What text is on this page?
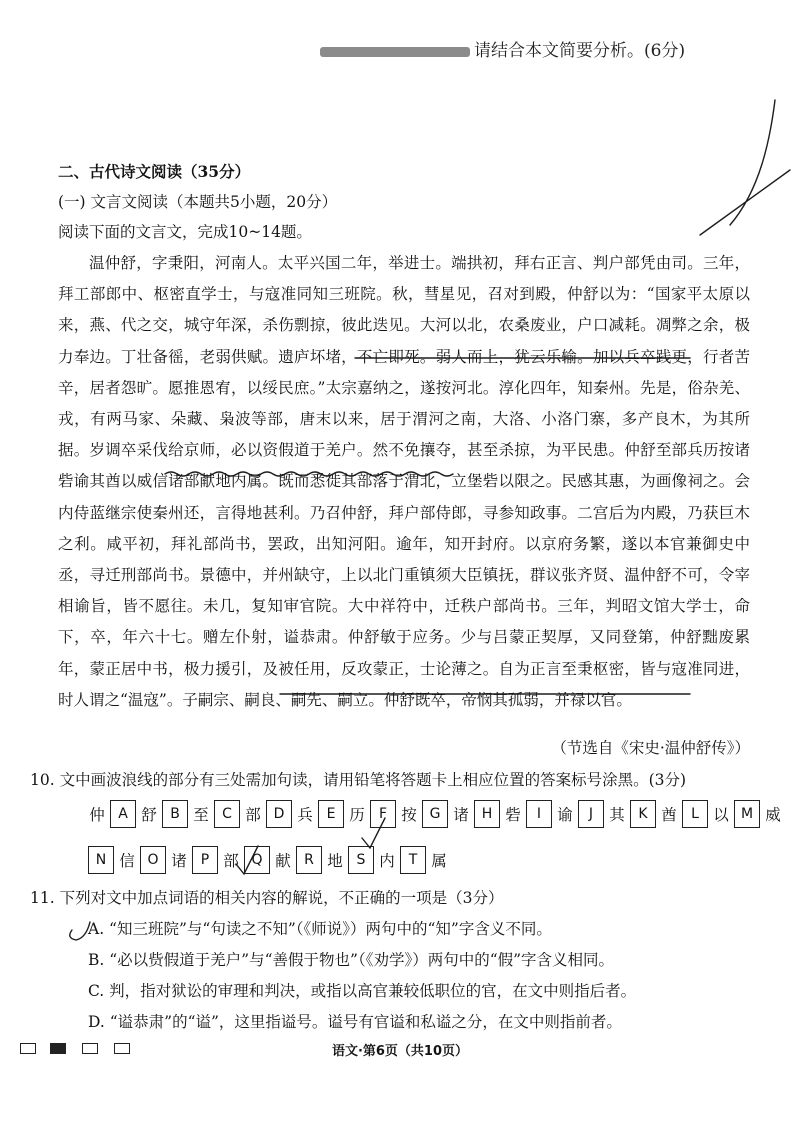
请结合本文简要分析。(6分)
二、古代诗文阅读（35分）
(一) 文言文阅读（本题共5小题，20分）
阅读下面的文言文，完成10~14题。

温仲舒，字秉阳，河南人。太平兴国二年，举进士。端拱初，拜右正言、判户部凭由司。三年，拜工部郎中、枢密直学士，与寇准同知三班院。秋，彗星见，召对到殿，仲舒以为：“国家平太原以来，燕、代之交，城守年深，杀伤剽掠，彼此迭见。大河以北，农桑废业，户口减耗。凋弊之余，极力奉边。丁壮备徭，老弱供赋。遗庐坏堵，不亡即死。弱人而上，犹云乐输。加以兵卒践更，行者苦辛，居者怨旷。愿推恩宥，以绥民庶。”太宗嘉纳之，遂按河北。淳化四年，知秦州。先是，俗杂羌、戎，有两马家、朵藏、枭波等部，唐末以来，居于渭河之南，大洛、小洛门寨，多产良木，为其所据。岁调卒采伐给京师，必以资假道于羌户。然不免攘夺，甚至杀掠，为平民患。仲舒至部兵历按诸砦谕其酋以威信诸部献地内属。既而悉徙其部落于渭北，立堡砦以限之。民感其惠，为画像祠之。会内侍蓝继宗使秦州还，言得地甚利。乃召仲舒，拜户部侍郎，寻参知政事。二宫后为内殿，乃获巨木之利。咸平初，拜礼部尚书，罢政，出知河阳。逾年，知开封府。以京府务繁，遂以本官兼御史中丞，寻迁刑部尚书。景德中，并州缺守，上以北门重镇须大臣镇抚，群议张齐贤、温仲舒不可，令宰相谕旨，皆不愿往。未几，复知审官院。大中祥符中，迁秩户部尚书。三年，判昭文馆大学士，命下，卒，年六十七。赠左仆射，谥恭肃。仲舒敏于应务。少与吕蒙正契厚，又同登第，仲舒黜废累年，蒙正居中书，极力援引，及被任用，反攻蒙正，士论薄之。自为正言至秉枢密，皆与寇准同进，时人谓之“温寇”。子嗣宗、嗣良、嗣先、嗣立。仲舒既卒，帝悯其孤弱，并禄以官。

（节选自《宋史·温仲舒传》）
10. 文中画波浪线的部分有三处需加句读，请用铅笔将答题卡上相应位置的答案标号涂黑。(3分)
仲 A 舒 B 至 C 部 D 兵 E 历	F 按 G 诸 H 砦	I	谕	J	其 K 酋	L 以 M 威
N 信 O 诸	P 部 Q 献 R 地 S 内 T 属
11. 下列对文中加点词语的相关内容的解说，不正确的一项是（3分）
A. “知三班院”与“句读之不知”（《师说》）两句中的“知”字含义不同。
B. “必以赀假道于羌户”与“善假于物也”（《劝学》）两句中的“假”字含义相同。
C. 判，指对狱讼的审理和判决，或指以高官兼较低职位的官，在文中则指后者。
D. “谥恭肃”的“谥”，这里指谥号。谥号有官谥和私谥之分，在文中则指前者。
语文·第6页（共10页）
